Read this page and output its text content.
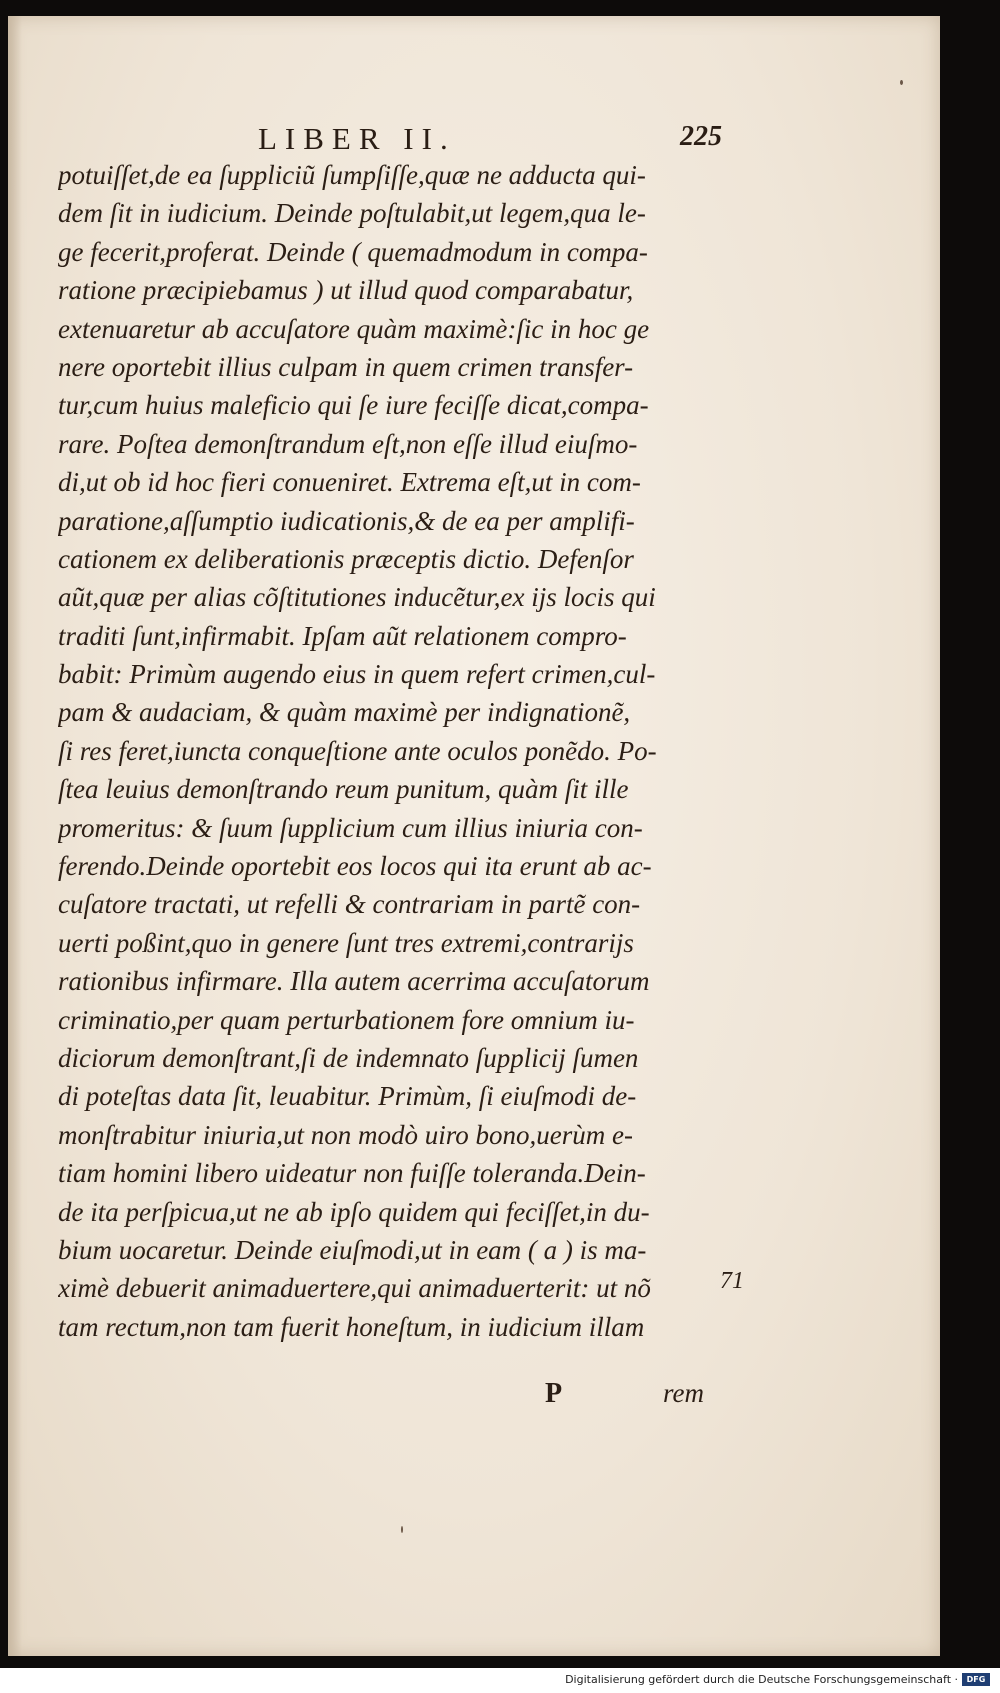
LIBER II.	225
potuiſſet,de ea ſuppliciũ ſumpſiſſe,quæ ne adducta qui-
dem ſit in iudicium. Deinde poſtulabit,ut legem,qua le-
ge fecerit,proferat. Deinde ( quemadmodum in compa-
ratione præcipiebamus ) ut illud quod comparabatur,
extenuaretur ab accuſatore quàm maximè:ſic in hoc ge
nere oportebit illius culpam in quem crimen transfer-
tur,cum huius maleficio qui ſe iure feciſſe dicat,compa-
rare. Poſtea demonſtrandum eſt,non eſſe illud eiuſmo-
di,ut ob id hoc fieri conueniret. Extrema eſt,ut in com-
paratione,aſſumptio iudicationis,& de ea per amplifi-
cationem ex deliberationis præceptis dictio. Defenſor
aũt,quæ per alias cõſtitutiones inducẽtur,ex ijs locis qui
traditi ſunt,infirmabit. Ipſam aũt relationem compro-
babit: Primùm augendo eius in quem refert crimen,cul-
pam & audaciam, & quàm maximè per indignationẽ,
ſi res feret,iuncta conqueſtione ante oculos ponẽdo. Po-
ſtea leuius demonſtrando reum punitum, quàm ſit ille
promeritus: & ſuum ſupplicium cum illius iniuria con-
ferendo.Deinde oportebit eos locos qui ita erunt ab ac-
cuſatore tractati, ut refelli & contrariam in partẽ con-
uerti poßint,quo in genere ſunt tres extremi,contrarijs
rationibus infirmare. Illa autem acerrima accuſatorum
criminatio,per quam perturbationem fore omnium iu-
diciorum demonſtrant,ſi de indemnato ſupplicij ſumen
di poteſtas data ſit, leuabitur. Primùm, ſi eiuſmodi de-
monſtrabitur iniuria,ut non modò uiro bono,uerùm e-
tiam homini libero uideatur non fuiſſe toleranda.Dein-
de ita perſpicua,ut ne ab ipſo quidem qui feciſſet,in du-
bium uocaretur. Deinde eiuſmodi,ut in eam ( a ) is ma-
ximè debuerit animaduertere,qui animaduerterit: ut nõ
tam rectum,non tam fuerit honeſtum, in iudicium illam
71
P	rem
Digitalisierung gefördert durch die Deutsche Forschungsgemeinschaft ·	DFG
